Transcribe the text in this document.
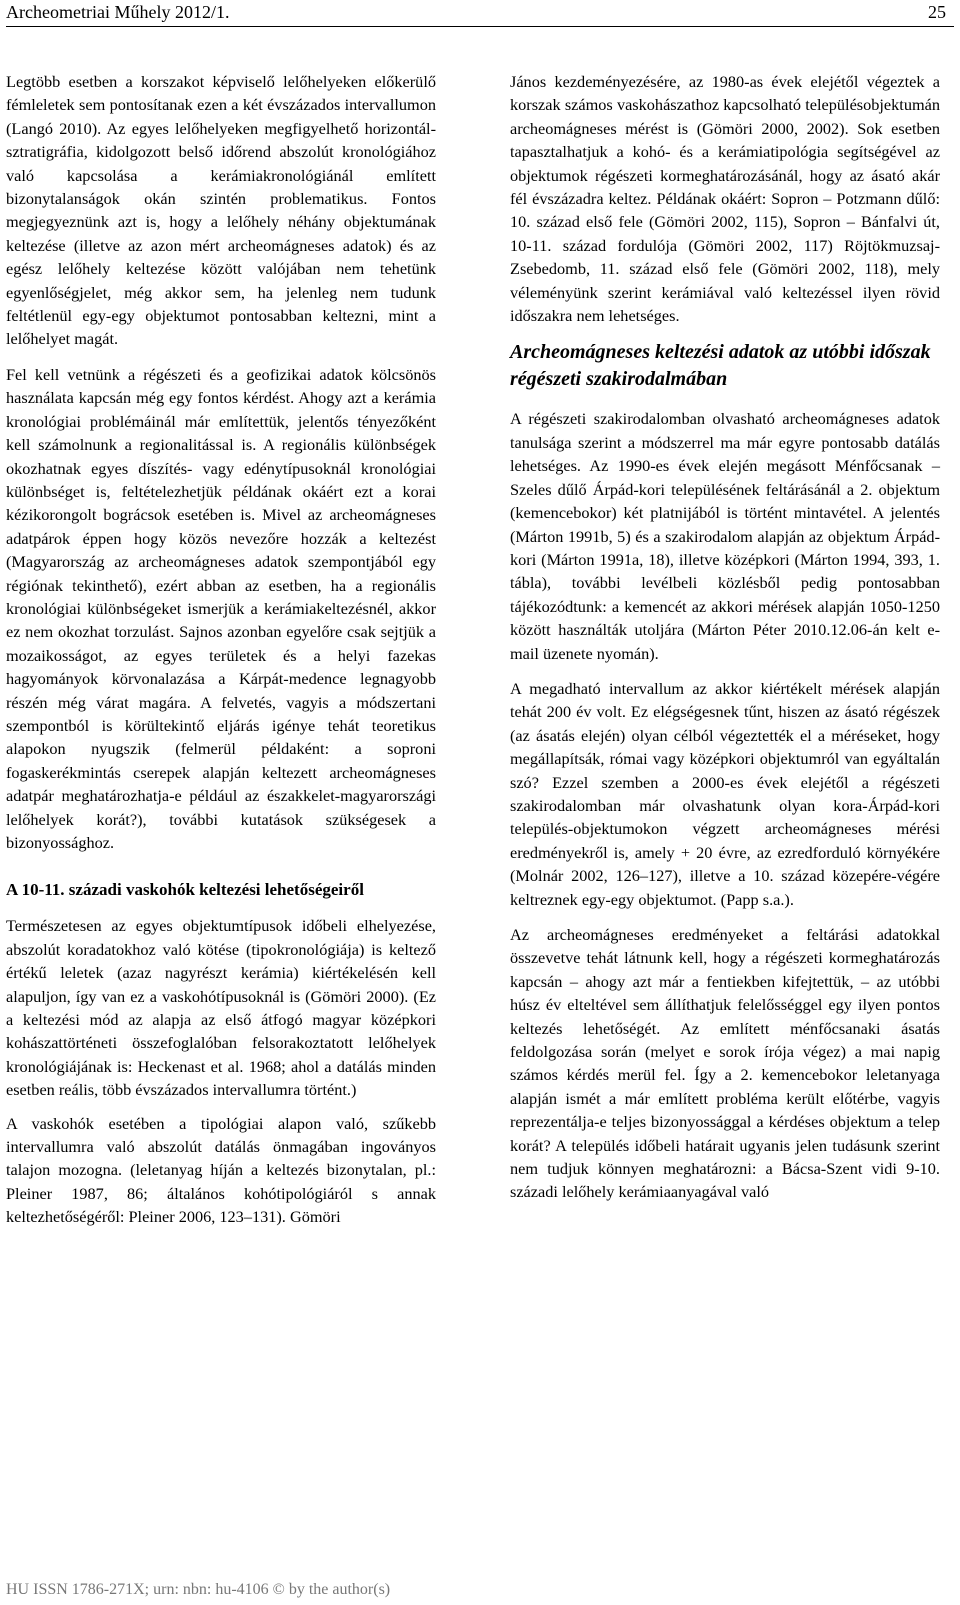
Archeometriai Műhely 2012/1.	25

Legtöbb esetben a korszakot képviselő lelőhelyeken előkerülő fémleletek sem pontosítanak ezen a két évszázados intervallumon (Langó 2010). Az egyes lelőhelyeken megfigyelhető horizontál-sztratigráfia, kidolgozott belső időrend abszolút kronológiához való kapcsolása a kerámiakronológiánál említett bizonytalanságok okán szintén problematikus. Fontos megjegyeznünk azt is, hogy a lelőhely néhány objektumának keltezése (illetve az azon mért archeomágneses adatok) és az egész lelőhely keltezése között valójában nem tehetünk egyenlőségjelet, még akkor sem, ha jelenleg nem tudunk feltétlenül egy-egy objektumot pontosabban keltezni, mint a lelőhelyet magát.

Fel kell vetnünk a régészeti és a geofizikai adatok kölcsönös használata kapcsán még egy fontos kérdést. Ahogy azt a kerámia kronológiai problémáinál már említettük, jelentős tényezőként kell számolnunk a regionalitással is. A regionális különbségek okozhatnak egyes díszítés- vagy edénytípusoknál kronológiai különbséget is, feltételezhetjük példának okáért ezt a korai kézikorongolt bográcsok esetében is. Mivel az archeomágneses adatpárok éppen hogy közös nevezőre hozzák a keltezést (Magyarország az archeomágneses adatok szempontjából egy régiónak tekinthető), ezért abban az esetben, ha a regionális kronológiai különbségeket ismerjük a kerámiakeltezésnél, akkor ez nem okozhat torzulást. Sajnos azonban egyelőre csak sejtjük a mozaikosságot, az egyes területek és a helyi fazekas hagyományok körvonalazása a Kárpát-medence legnagyobb részén még várat magára. A felvetés, vagyis a módszertani szempontból is körültekintő eljárás igénye tehát teoretikus alapokon nyugszik (felmerül példaként: a soproni fogaskerékmintás cserepek alapján keltezett archeomágneses adatpár meghatározhatja-e például az északkelet-magyarországi lelőhelyek korát?), további kutatások szükségesek a bizonyossághoz.

A 10-11. századi vaskohók keltezési lehetőségeiről

Természetesen az egyes objektumtípusok időbeli elhelyezése, abszolút koradatokhoz való kötése (tipokronológiája) is keltező értékű leletek (azaz nagyrészt kerámia) kiértékelésén kell alapuljon, így van ez a vaskohótípusoknál is (Gömöri 2000). (Ez a keltezési mód az alapja az első átfogó magyar középkori kohászattörténeti összefoglalóban felsorakoztatott lelőhelyek kronológiájának is: Heckenast et al. 1968; ahol a datálás minden esetben reális, több évszázados intervallumra történt.)

A vaskohók esetében a tipológiai alapon való, szűkebb intervallumra való abszolút datálás önmagában ingoványos talajon mozogna. (leletanyag híján a keltezés bizonytalan, pl.: Pleiner 1987, 86; általános kohótipológiáról s annak keltezhetőségéről: Pleiner 2006, 123–131). Gömöri

János kezdeményezésére, az 1980-as évek elejétől végeztek a korszak számos vaskohászathoz kapcsolható településobjektumán archeomágneses mérést is (Gömöri 2000, 2002). Sok esetben tapasztalhatjuk a kohó- és a kerámiatipológia segítségével az objektumok régészeti kormeghatározásánál, hogy az ásató akár fél évszázadra keltez. Példának okáért: Sopron – Potzmann dűlő: 10. század első fele (Gömöri 2002, 115), Sopron – Bánfalvi út, 10-11. század fordulója (Gömöri 2002, 117) Röjtökmuzsaj-Zsebedomb, 11. század első fele (Gömöri 2002, 118), mely véleményünk szerint kerámiával való keltezéssel ilyen rövid időszakra nem lehetséges.

Archeomágneses keltezési adatok az utóbbi időszak régészeti szakirodalmában

A régészeti szakirodalomban olvasható archeomágneses adatok tanulsága szerint a módszerrel ma már egyre pontosabb datálás lehetséges. Az 1990-es évek elején megásott Ménfőcsanak – Szeles dűlő Árpád-kori településének feltárásánál a 2. objektum (kemencebokor) két platnijából is történt mintavétel. A jelentés (Márton 1991b, 5) és a szakirodalom alapján az objektum Árpád-kori (Márton 1991a, 18), illetve középkori (Márton 1994, 393, 1. tábla), további levélbeli közlésből pedig pontosabban tájékozódtunk: a kemencét az akkori mérések alapján 1050-1250 között használták utoljára (Márton Péter 2010.12.06-án kelt e-mail üzenete nyomán).

A megadható intervallum az akkor kiértékelt mérések alapján tehát 200 év volt. Ez elégségesnek tűnt, hiszen az ásató régészek (az ásatás elején) olyan célból végeztették el a méréseket, hogy megállapítsák, római vagy középkori objektumról van egyáltalán szó? Ezzel szemben a 2000-es évek elejétől a régészeti szakirodalomban már olvashatunk olyan kora-Árpád-kori település-objektumokon végzett archeomágneses mérési eredményekről is, amely + 20 évre, az ezredforduló környékére (Molnár 2002, 126–127), illetve a 10. század közepére-végére keltreznek egy-egy objektumot. (Papp s.a.).

Az archeomágneses eredményeket a feltárási adatokkal összevetve tehát látnunk kell, hogy a régészeti kormeghatározás kapcsán – ahogy azt már a fentiekben kifejtettük, – az utóbbi húsz év elteltével sem állíthatjuk felelősséggel egy ilyen pontos keltezés lehetőségét. Az említett ménfőcsanaki ásatás feldolgozása során (melyet e sorok írója végez) a mai napig számos kérdés merül fel. Így a 2. kemencebokor leletanyaga alapján ismét a már említett probléma került előtérbe, vagyis reprezentálja-e teljes bizonyossággal a kérdéses objektum a telep korát? A település időbeli határait ugyanis jelen tudásunk szerint nem tudjuk könnyen meghatározni: a Bácsa-Szent vidi 9-10. századi lelőhely kerámiaanyagával való

HU ISSN 1786-271X; urn: nbn: hu-4106 © by the author(s)
